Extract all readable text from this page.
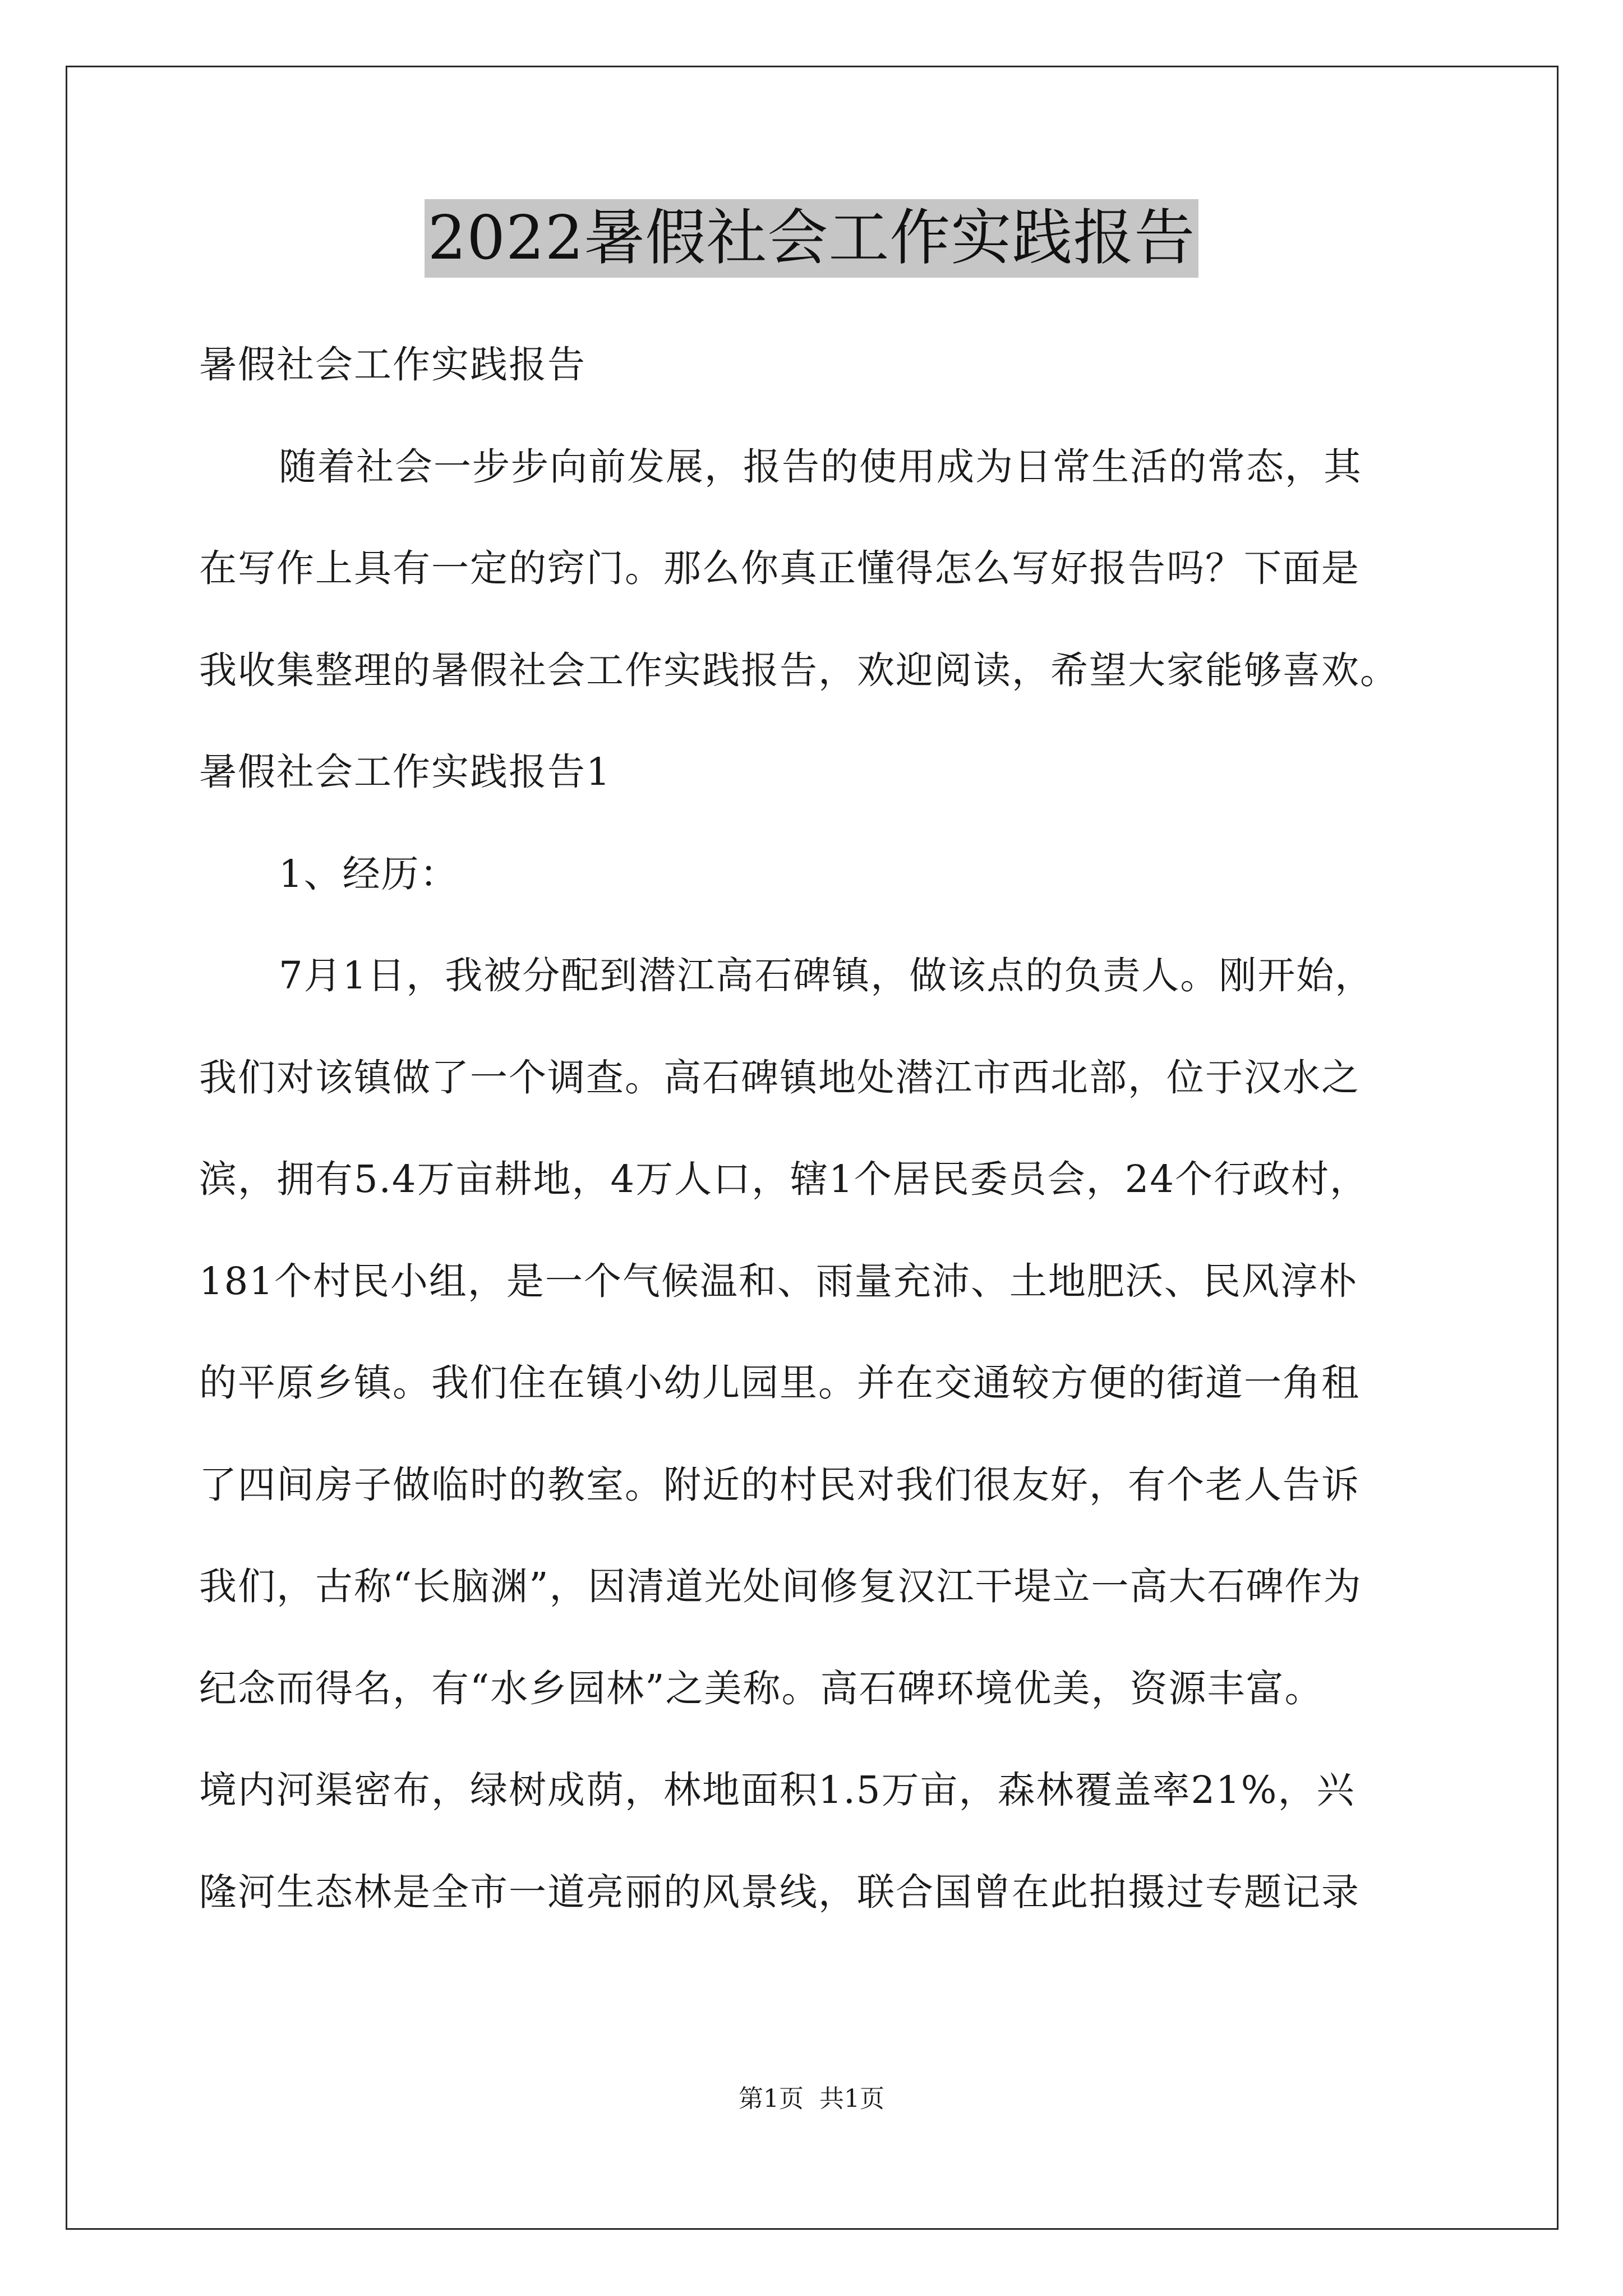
2022暑假社会工作实践报告
暑假社会工作实践报告
随着社会一步步向前发展，报告的使用成为日常生活的常态，其
在写作上具有一定的窍门。那么你真正懂得怎么写好报告吗？下面是
我收集整理的暑假社会工作实践报告，欢迎阅读，希望大家能够喜欢。
暑假社会工作实践报告1
1、经历：
7月1日，我被分配到潜江高石碑镇，做该点的负责人。刚开始，
我们对该镇做了一个调查。高石碑镇地处潜江市西北部，位于汉水之
滨，拥有5.4万亩耕地，4万人口，辖1个居民委员会，24个行政村，
181个村民小组，是一个气候温和、雨量充沛、土地肥沃、民风淳朴
的平原乡镇。我们住在镇小幼儿园里。并在交通较方便的街道一角租
了四间房子做临时的教室。附近的村民对我们很友好，有个老人告诉
我们，古称“长脑渊”，因清道光处间修复汉江干堤立一高大石碑作为
纪念而得名，有“水乡园林”之美称。高石碑环境优美，资源丰富。
境内河渠密布，绿树成荫，林地面积1.5万亩，森林覆盖率21%，兴
隆河生态林是全市一道亮丽的风景线，联合国曾在此拍摄过专题记录
第1页 共1页
